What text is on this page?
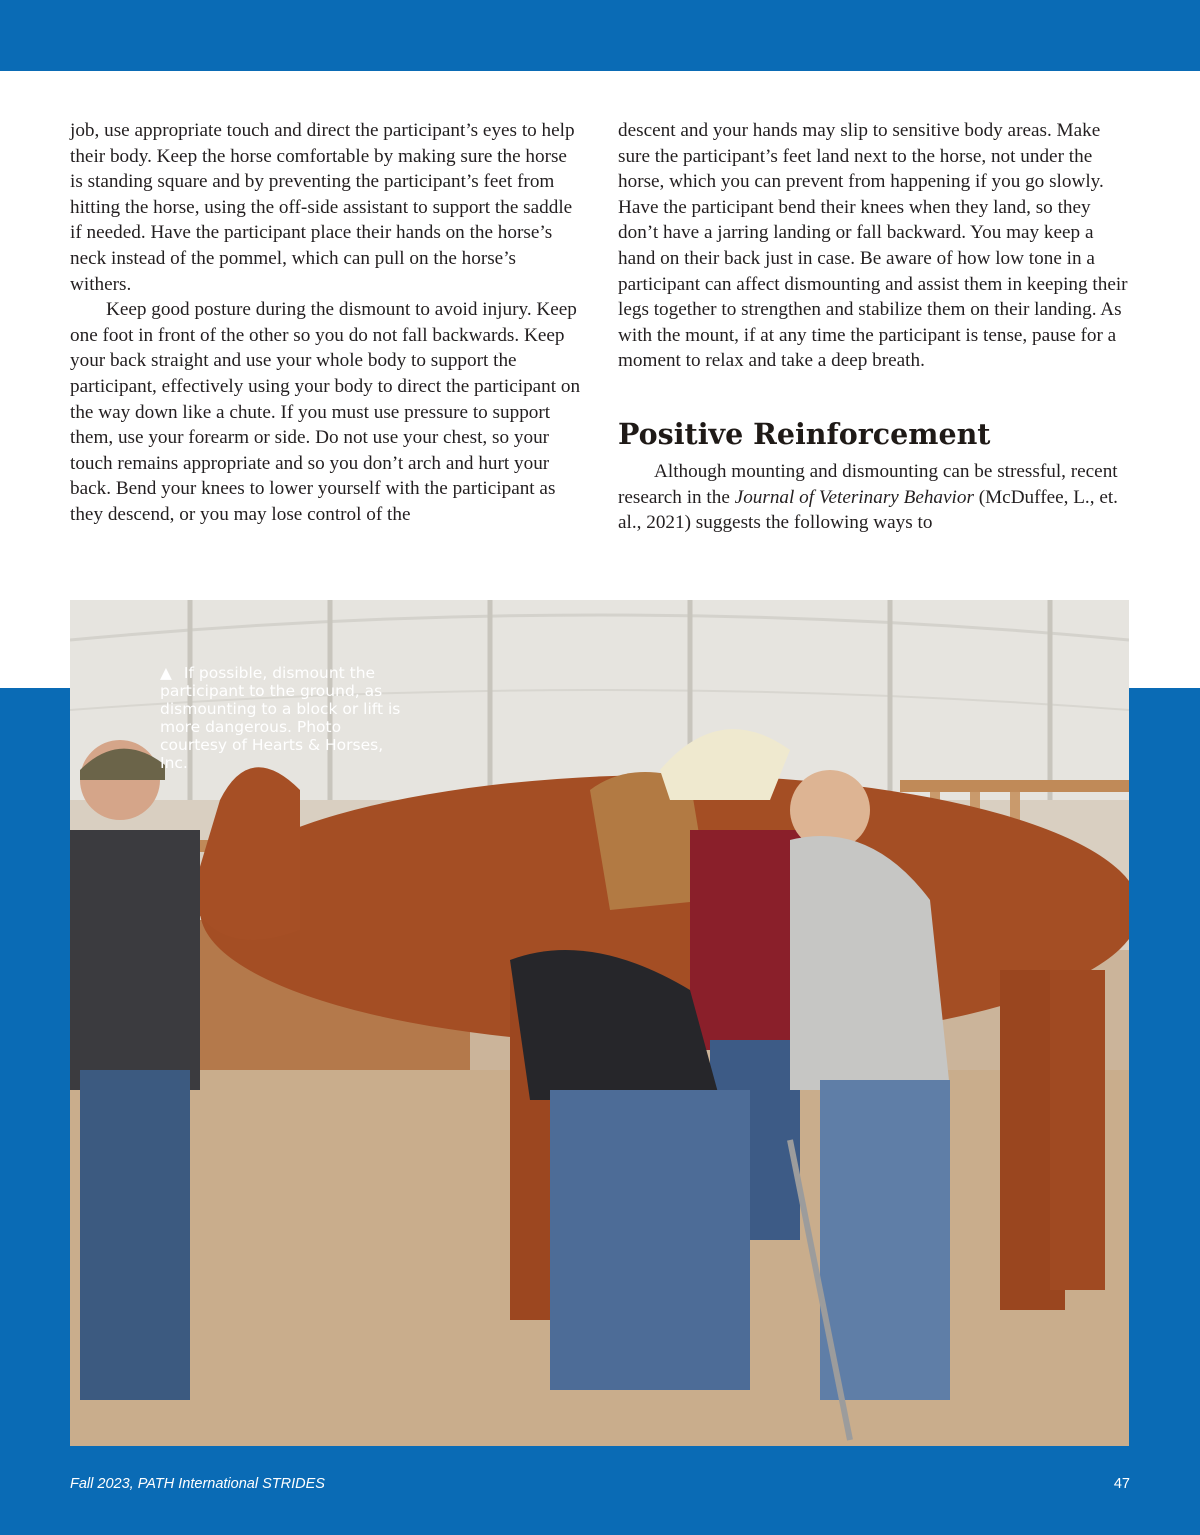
job, use appropriate touch and direct the participant’s eyes to help their body. Keep the horse comfortable by making sure the horse is standing square and by preventing the participant’s feet from hitting the horse, using the off-side assistant to support the saddle if needed. Have the participant place their hands on the horse’s neck instead of the pommel, which can pull on the horse’s withers.

Keep good posture during the dismount to avoid injury. Keep one foot in front of the other so you do not fall backwards. Keep your back straight and use your whole body to support the participant, effectively using your body to direct the participant on the way down like a chute. If you must use pressure to support them, use your forearm or side. Do not use your chest, so your touch remains appropriate and so you don’t arch and hurt your back. Bend your knees to lower yourself with the participant as they descend, or you may lose control of the

descent and your hands may slip to sensitive body areas. Make sure the participant’s feet land next to the horse, not under the horse, which you can prevent from happening if you go slowly. Have the participant bend their knees when they land, so they don’t have a jarring landing or fall backward. You may keep a hand on their back just in case. Be aware of how low tone in a participant can affect dismounting and assist them in keeping their legs together to strengthen and stabilize them on their landing. As with the mount, if at any time the participant is tense, pause for a moment to relax and take a deep breath.

Positive Reinforcement

Although mounting and dismounting can be stressful, recent research in the Journal of Veterinary Behavior (McDuffee, L., et. al., 2021) suggests the following ways to

▲ If possible, dismount the participant to the ground, as dismounting to a block or lift is more dangerous. Photo courtesy of Hearts & Horses, Inc.
Fall 2023, PATH International STRIDES	47
